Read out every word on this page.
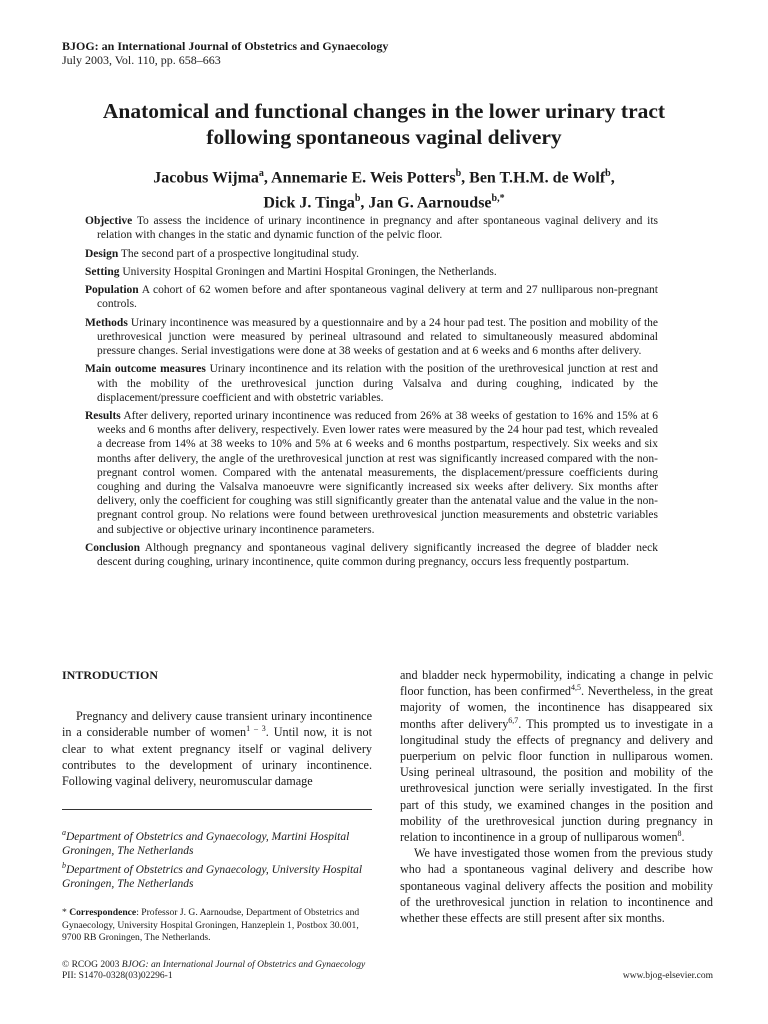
BJOG: an International Journal of Obstetrics and Gynaecology
July 2003, Vol. 110, pp. 658–663
Anatomical and functional changes in the lower urinary tract
following spontaneous vaginal delivery
Jacobus Wijma$^a$, Annemarie E. Weis Potters$^b$, Ben T.H.M. de Wolf$^b$,
Dick J. Tinga$^b$, Jan G. Aarnoudse$^{b,*}$

Objective To assess the incidence of urinary incontinence in pregnancy and after spontaneous vaginal delivery and its relation with changes in the static and dynamic function of the pelvic floor.

Design The second part of a prospective longitudinal study.

Setting University Hospital Groningen and Martini Hospital Groningen, the Netherlands.

Population A cohort of 62 women before and after spontaneous vaginal delivery at term and 27 nulliparous non-pregnant controls.

Methods Urinary incontinence was measured by a questionnaire and by a 24 hour pad test. The position and mobility of the urethrovesical junction were measured by perineal ultrasound and related to simultaneously measured abdominal pressure changes. Serial investigations were done at 38 weeks of gestation and at 6 weeks and 6 months after delivery.

Main outcome measures Urinary incontinence and its relation with the position of the urethrovesical junction at rest and with the mobility of the urethrovesical junction during Valsalva and during coughing, indicated by the displacement/pressure coefficient and with obstetric variables.

Results After delivery, reported urinary incontinence was reduced from 26% at 38 weeks of gestation to 16% and 15% at 6 weeks and 6 months after delivery, respectively. Even lower rates were measured by the 24 hour pad test, which revealed a decrease from 14% at 38 weeks to 10% and 5% at 6 weeks and 6 months postpartum, respectively. Six weeks and six months after delivery, the angle of the urethrovesical junction at rest was significantly increased compared with the non-pregnant control women. Compared with the antenatal measurements, the displacement/pressure coefficients during coughing and during the Valsalva manoeuvre were significantly increased six weeks after delivery. Six months after delivery, only the coefficient for coughing was still significantly greater than the antenatal value and the value in the non-pregnant control group. No relations were found between urethrovesical junction measurements and obstetric variables and subjective or objective urinary incontinence parameters.

Conclusion Although pregnancy and spontaneous vaginal delivery significantly increased the degree of bladder neck descent during coughing, urinary incontinence, quite common during pregnancy, occurs less frequently postpartum.

INTRODUCTION

Pregnancy and delivery cause transient urinary incontinence in a considerable number of women$^{1 - 3}$. Until now, it is not clear to what extent pregnancy itself or vaginal delivery contributes to the development of urinary incontinence. Following vaginal delivery, neuromuscular damage

$^a$Department of Obstetrics and Gynaecology, Martini Hospital Groningen, The Netherlands

$^b$Department of Obstetrics and Gynaecology, University Hospital Groningen, The Netherlands

* Correspondence: Professor J. G. Aarnoudse, Department of Obstetrics and Gynaecology, University Hospital Groningen, Hanzeplein 1, Postbox 30.001, 9700 RB Groningen, The Netherlands.

and bladder neck hypermobility, indicating a change in pelvic floor function, has been confirmed$^{4,5}$. Nevertheless, in the great majority of women, the incontinence has disappeared six months after delivery$^{6,7}$. This prompted us to investigate in a longitudinal study the effects of pregnancy and delivery and puerperium on pelvic floor function in nulliparous women. Using perineal ultrasound, the position and mobility of the urethrovesical junction were serially investigated. In the first part of this study, we examined changes in the position and mobility of the urethrovesical junction during pregnancy in relation to incontinence in a group of nulliparous women$^8$.

We have investigated those women from the previous study who had a spontaneous vaginal delivery and describe how spontaneous vaginal delivery affects the position and mobility of the urethrovesical junction in relation to incontinence and whether these effects are still present after six months.

© RCOG 2003 BJOG: an International Journal of Obstetrics and Gynaecology
PII: S1470-0328(03)02296-1	www.bjog-elsevier.com
